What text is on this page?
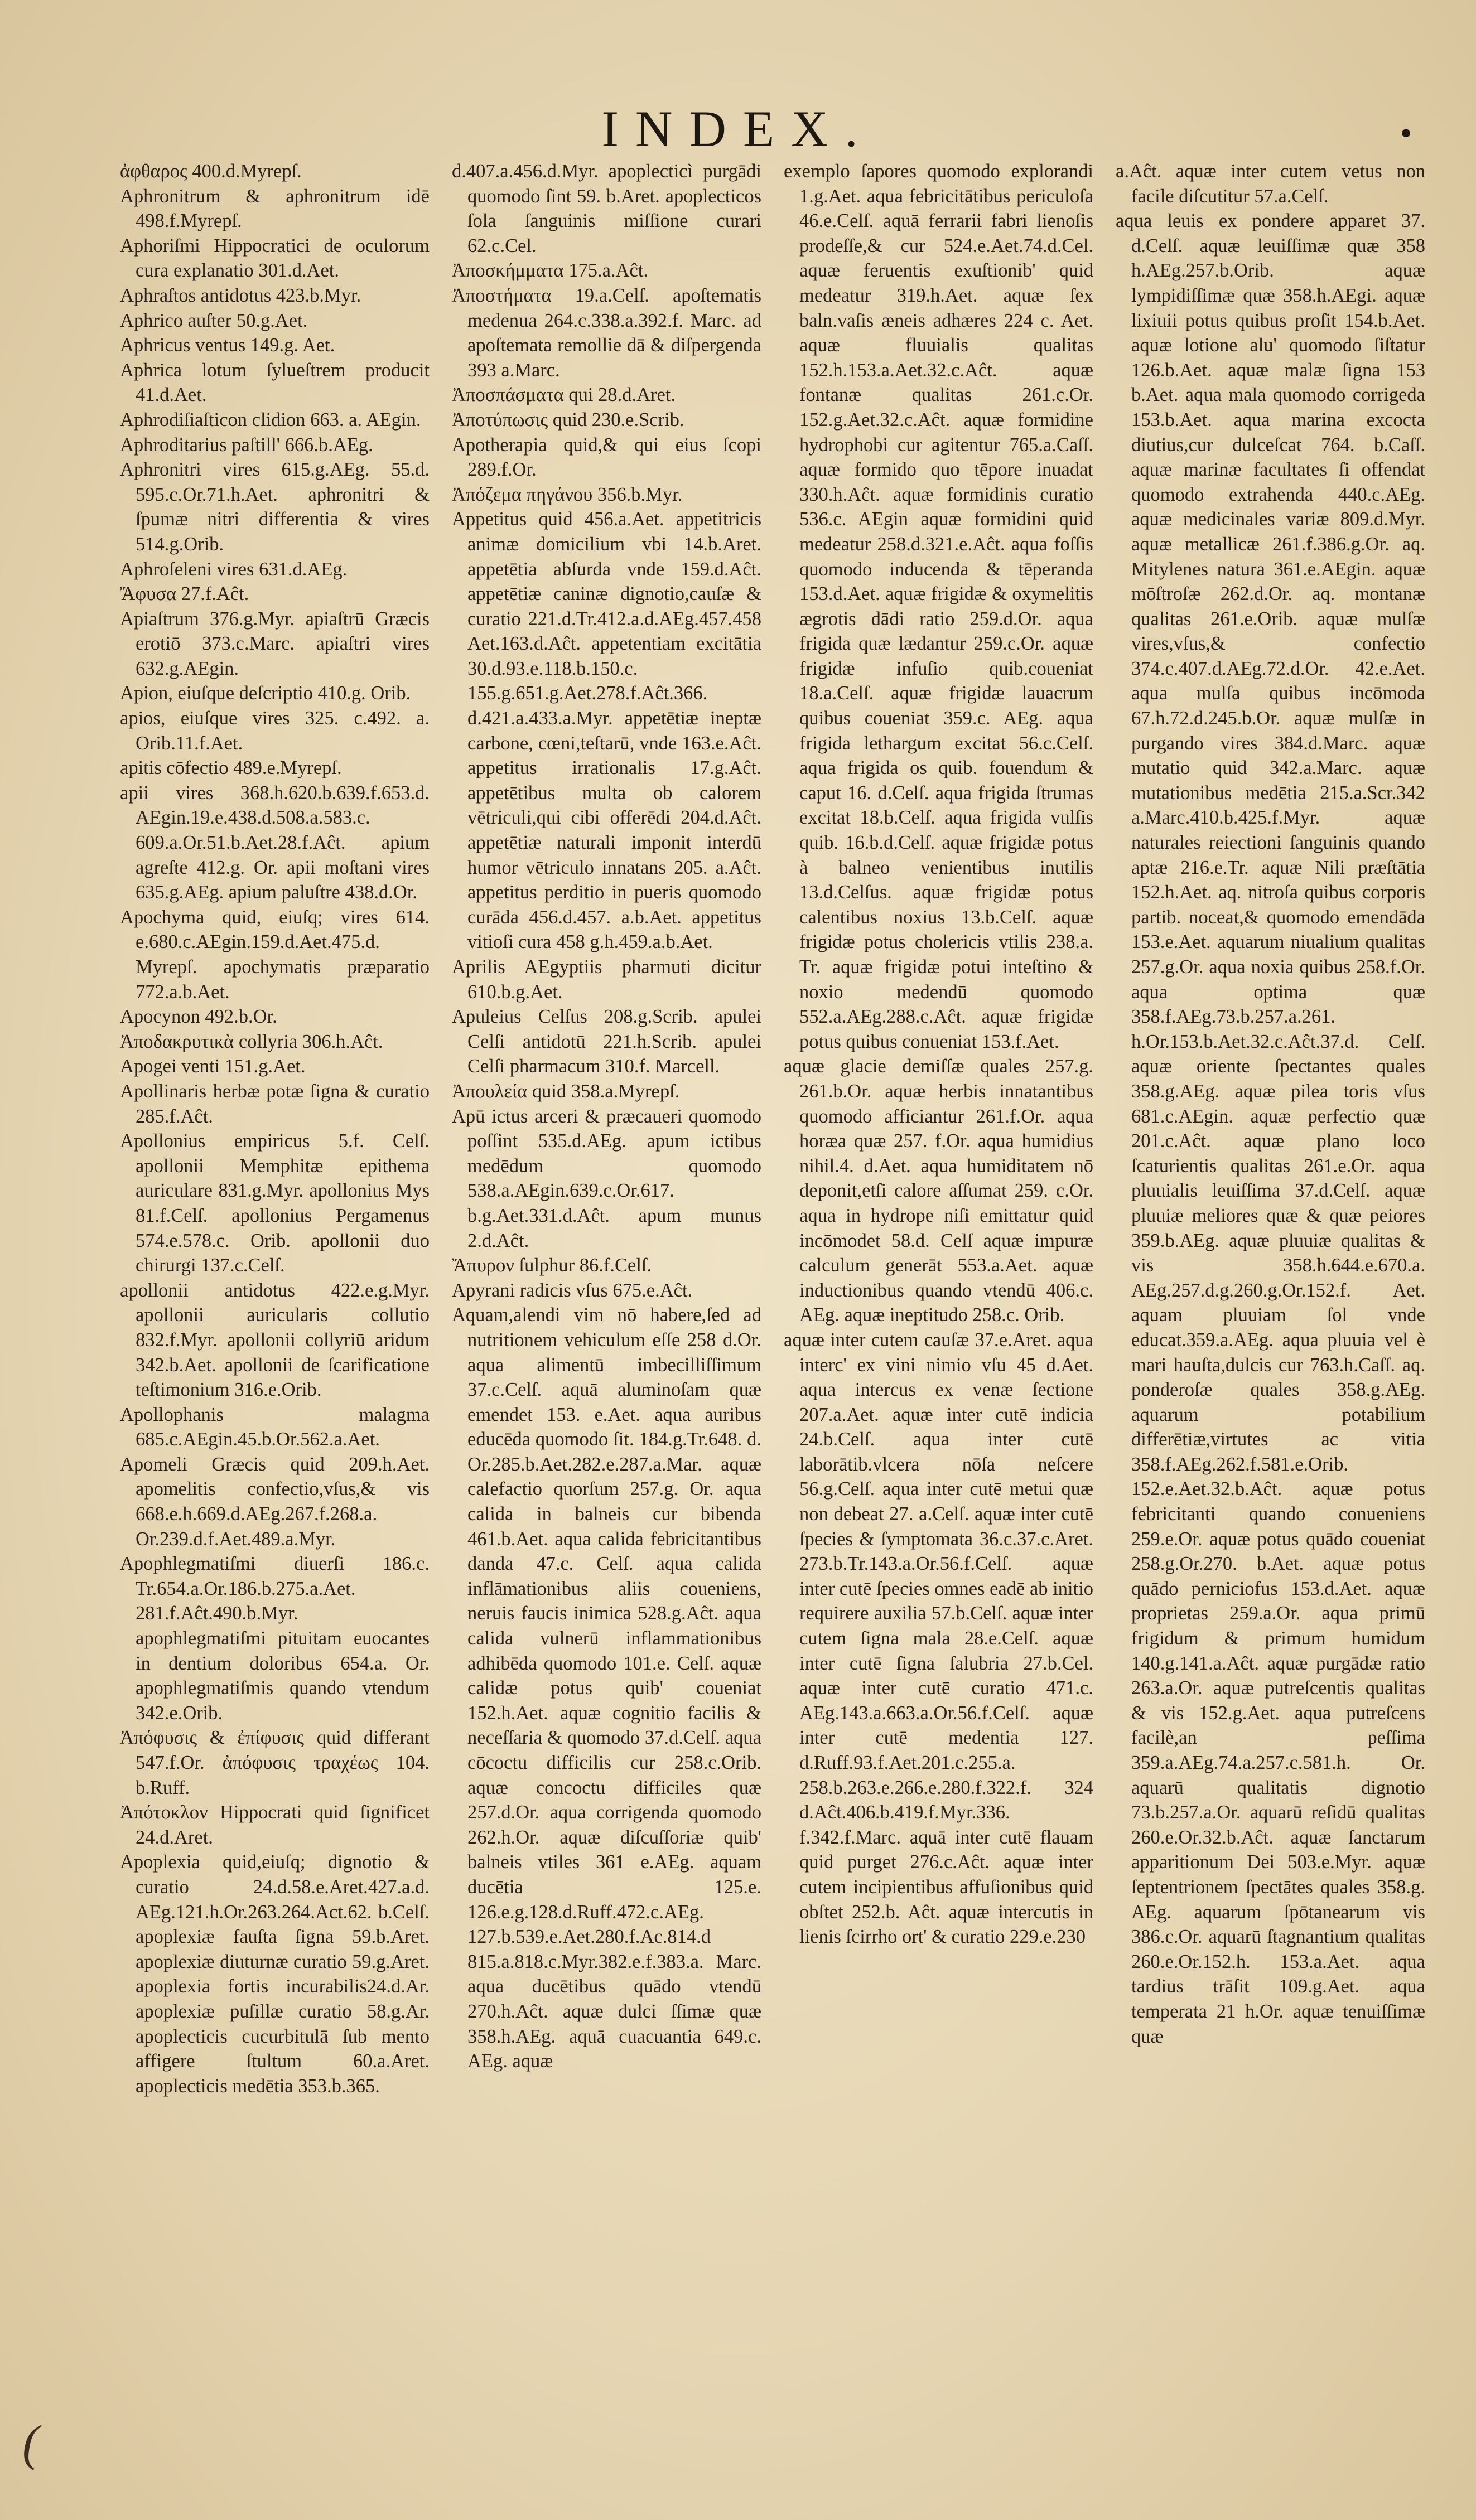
INDEX.	•

ἀφθαρος 400.d.Myrepſ.

Aphronitrum & aphronitrum idē 498.f.Myrepſ.

Aphoriſmi Hippocratici de oculorum cura explanatio 301.d.Aet.

Aphraſtos antidotus 423.b.Myr.

Aphrico auſter 50.g.Aet.

Aphricus ventus 149.g. Aet.

Aphrica lotum ſylueſtrem producit 41.d.Aet.

Aphrodiſiaſticon clidion 663. a. AEgin.

Aphroditarius paſtill' 666.b.AEg.

Aphronitri vires 615.g.AEg. 55.d. 595.c.Or.71.h.Aet. aphronitri & ſpumæ nitri differentia & vires 514.g.Orib.

Aphroſeleni vires 631.d.AEg.

Ἄφυσα 27.f.Aĉt.

Apiaſtrum 376.g.Myr. apiaſtrū Græcis erotiō 373.c.Marc. apiaſtri vires 632.g.AEgin.

Apion, eiuſque deſcriptio 410.g. Orib.

apios, eiuſque vires 325. c.492. a. Orib.11.f.Aet.

apitis cōfectio 489.e.Myrepſ.

apii vires 368.h.620.b.639.f.653.d. AEgin.19.e.438.d.508.a.583.c. 609.a.Or.51.b.Aet.28.f.Aĉt. apium agreſte 412.g. Or. apii moſtani vires 635.g.AEg. apium paluſtre 438.d.Or.

Apochyma quid, eiuſq; vires 614. e.680.c.AEgin.159.d.Aet.475.d. Myrepſ. apochymatis præparatio 772.a.b.Aet.

Apocynon 492.b.Or.

Ἀποδακρυτικὰ collyria 306.h.Aĉt.

Apogei venti 151.g.Aet.

Apollinaris herbæ potæ ſigna & curatio 285.f.Aĉt.

Apollonius empiricus 5.f. Celſ. apollonii Memphitæ epithema auriculare 831.g.Myr. apollonius Mys 81.f.Celſ. apollonius Pergamenus 574.e.578.c. Orib. apollonii duo chirurgi 137.c.Celſ.

apollonii antidotus 422.e.g.Myr. apollonii auricularis collutio 832.f.Myr. apollonii collyriū aridum 342.b.Aet. apollonii de ſcarificatione teſtimonium 316.e.Orib.

Apollophanis malagma 685.c.AEgin.45.b.Or.562.a.Aet.

Apomeli Græcis quid 209.h.Aet. apomelitis confectio,vſus,& vis 668.e.h.669.d.AEg.267.f.268.a. Or.239.d.f.Aet.489.a.Myr.

Apophlegmatiſmi diuerſi 186.c. Tr.654.a.Or.186.b.275.a.Aet. 281.f.Aĉt.490.b.Myr. apophlegmatiſmi pituitam euocantes in dentium doloribus 654.a. Or. apophlegmatiſmis quando vtendum 342.e.Orib.

Ἀπόφυσις & ἐπίφυσις quid differant 547.f.Or. ἀπόφυσις τραχέως 104. b.Ruff.

Ἀπότοκλον Hippocrati quid ſignificet 24.d.Aret.

Apoplexia quid,eiuſq; dignotio & curatio 24.d.58.e.Aret.427.a.d. AEg.121.h.Or.263.264.Act.62. b.Celſ. apoplexiæ fauſta ſigna 59.b.Aret. apoplexiæ diuturnæ curatio 59.g.Aret. apoplexia fortis incurabilis24.d.Ar. apoplexiæ puſillæ curatio 58.g.Ar. apoplecticis cucurbitulā ſub mento affigere ſtultum 60.a.Aret. apoplecticis medētia 353.b.365.

d.407.a.456.d.Myr. apoplecticì purgādi quomodo ſint 59. b.Aret. apoplecticos ſola ſanguinis miſſione curari 62.c.Cel.

Ἀποσκήμματα 175.a.Aĉt.

Ἀποστήματα 19.a.Celſ. apoſtematis medenua 264.c.338.a.392.f. Marc. ad apoſtemata remollie dā & diſpergenda 393 a.Marc.

Ἀποσπάσματα qui 28.d.Aret.

Ἀποτύπωσις quid 230.e.Scrib.

Apotherapia quid,& qui eius ſcopi 289.f.Or.

Ἀπόζεμα πηγάνου 356.b.Myr.

Appetitus quid 456.a.Aet. appetitricis animæ domicilium vbi 14.b.Aret. appetētia abſurda vnde 159.d.Aĉt. appetētiæ caninæ dignotio,cauſæ & curatio 221.d.Tr.412.a.d.AEg.457.458 Aet.163.d.Aĉt. appetentiam excitātia 30.d.93.e.118.b.150.c. 155.g.651.g.Aet.278.f.Aĉt.366. d.421.a.433.a.Myr. appetētiæ ineptæ carbone, cœni,teſtarū, vnde 163.e.Aĉt. appetitus irrationalis 17.g.Aĉt. appetētibus multa ob calorem vētriculi,qui cibi offerēdi 204.d.Aĉt. appetētiæ naturali imponit interdū humor vētriculo innatans 205. a.Aĉt. appetitus perditio in pueris quomodo curāda 456.d.457. a.b.Aet. appetitus vitioſi cura 458 g.h.459.a.b.Aet.

Aprilis AEgyptiis pharmuti dicitur 610.b.g.Aet.

Apuleius Celſus 208.g.Scrib. apulei Celſi antidotū 221.h.Scrib. apulei Celſi pharmacum 310.f. Marcell.

Ἀπουλεία quid 358.a.Myrepſ.

Apū ictus arceri & præcaueri quomodo poſſint 535.d.AEg. apum ictibus medēdum quomodo 538.a.AEgin.639.c.Or.617. b.g.Aet.331.d.Aĉt. apum munus 2.d.Aĉt.

Ἄπυρον ſulphur 86.f.Celſ.

Apyrani radicis vſus 675.e.Aĉt.

Aquam,alendi vim nō habere,ſed ad nutritionem vehiculum eſſe 258 d.Or. aqua alimentū imbecilliſſimum 37.c.Celſ. aquā aluminoſam quæ emendet 153. e.Aet. aqua auribus educēda quomodo ſit. 184.g.Tr.648. d. Or.285.b.Aet.282.e.287.a.Mar. aquæ calefactio quorſum 257.g. Or. aqua calida in balneis cur bibenda 461.b.Aet. aqua calida febricitantibus danda 47.c. Celſ. aqua calida inflāmationibus aliis coueniens, neruis faucis inimica 528.g.Aĉt. aqua calida vulnerū inflammationibus adhibēda quomodo 101.e. Celſ. aquæ calidæ potus quib' coueniat 152.h.Aet. aquæ cognitio facilis & neceſſaria & quomodo 37.d.Celſ. aqua cōcoctu difficilis cur 258.c.Orib. aquæ concoctu difficiles quæ 257.d.Or. aqua corrigenda quomodo 262.h.Or. aquæ diſcuſſoriæ quib' balneis vtiles 361 e.AEg. aquam ducētia 125.e. 126.e.g.128.d.Ruff.472.c.AEg. 127.b.539.e.Aet.280.f.Ac.814.d 815.a.818.c.Myr.382.e.f.383.a. Marc. aqua ducētibus quādo vtendū 270.h.Aĉt. aquæ dulci ſſimæ quæ 358.h.AEg. aquā cuacuantia 649.c. AEg. aquæ

exemplo ſapores quomodo explorandi 1.g.Aet. aqua febricitātibus periculoſa 46.e.Celſ. aquā ferrarii fabri lienoſis prodeſſe,& cur 524.e.Aet.74.d.Cel. aquæ feruentis exuſtionib' quid medeatur 319.h.Aet. aquæ ſex baln.vaſis æneis adhæres 224 c. Aet. aquæ fluuialis qualitas 152.h.153.a.Aet.32.c.Aĉt. aquæ fontanæ qualitas 261.c.Or. 152.g.Aet.32.c.Aĉt. aquæ formidine hydrophobi cur agitentur 765.a.Caſſ. aquæ formido quo tēpore inuadat 330.h.Aĉt. aquæ formidinis curatio 536.c. AEgin aquæ formidini quid medeatur 258.d.321.e.Aĉt. aqua foſſis quomodo inducenda & tēperanda 153.d.Aet. aquæ frigidæ & oxymelitis ægrotis dādi ratio 259.d.Or. aqua frigida quæ lædantur 259.c.Or. aquæ frigidæ infuſio quib.coueniat 18.a.Celſ. aquæ frigidæ lauacrum quibus coueniat 359.c. AEg. aqua frigida lethargum excitat 56.c.Celſ. aqua frigida os quib. fouendum & caput 16. d.Celſ. aqua frigida ſtrumas excitat 18.b.Celſ. aqua frigida vulſis quib. 16.b.d.Celſ. aquæ frigidæ potus à balneo venientibus inutilis 13.d.Celſus. aquæ frigidæ potus calentibus noxius 13.b.Celſ. aquæ frigidæ potus cholericis vtilis 238.a. Tr. aquæ frigidæ potui inteſtino & noxio medendū quomodo 552.a.AEg.288.c.Aĉt. aquæ frigidæ potus quibus conueniat 153.f.Aet.

aquæ glacie demiſſæ quales 257.g. 261.b.Or. aquæ herbis innatantibus quomodo afficiantur 261.f.Or. aqua horæa quæ 257. f.Or. aqua humidius nihil.4. d.Aet. aqua humiditatem nō deponit,etſi calore aſſumat 259. c.Or. aqua in hydrope niſi emittatur quid incōmodet 58.d. Celſ aquæ impuræ calculum generāt 553.a.Aet. aquæ inductionibus quando vtendū 406.c. AEg. aquæ ineptitudo 258.c. Orib.

aquæ inter cutem cauſæ 37.e.Aret. aqua interc' ex vini nimio vſu 45 d.Aet. aqua intercus ex venæ ſectione 207.a.Aet. aquæ inter cutē indicia 24.b.Celſ. aqua inter cutē laborātib.vlcera nōſa neſcere 56.g.Celſ. aqua inter cutē metui quæ non debeat 27. a.Celſ. aquæ inter cutē ſpecies & ſymptomata 36.c.37.c.Aret. 273.b.Tr.143.a.Or.56.f.Celſ. aquæ inter cutē ſpecies omnes eadē ab initio requirere auxilia 57.b.Celſ. aquæ inter cutem ſigna mala 28.e.Celſ. aquæ inter cutē ſigna ſalubria 27.b.Cel. aquæ inter cutē curatio 471.c. AEg.143.a.663.a.Or.56.f.Celſ. aquæ inter cutē medentia 127. d.Ruff.93.f.Aet.201.c.255.a. 258.b.263.e.266.e.280.f.322.f. 324 d.Aĉt.406.b.419.f.Myr.336. f.342.f.Marc. aquā inter cutē flauam quid purget 276.c.Aĉt. aquæ inter cutem incipientibus affuſionibus quid obſtet 252.b. Aĉt. aquæ intercutis in lienis ſcirrho ort' & curatio 229.e.230

a.Aĉt. aquæ inter cutem vetus non facile diſcutitur 57.a.Celſ.

aqua leuis ex pondere apparet 37. d.Celſ. aquæ leuiſſimæ quæ 358 h.AEg.257.b.Orib. aquæ lympidiſſimæ quæ 358.h.AEgi. aquæ lixiuii potus quibus proſit 154.b.Aet. aquæ lotione alu' quomodo ſiſtatur 126.b.Aet. aquæ malæ ſigna 153 b.Aet. aqua mala quomodo corrigeda 153.b.Aet. aqua marina excocta diutius,cur dulceſcat 764. b.Caſſ. aquæ marinæ facultates ſi offendat quomodo extrahenda 440.c.AEg. aquæ medicinales variæ 809.d.Myr. aquæ metallicæ 261.f.386.g.Or. aq. Mitylenes natura 361.e.AEgin. aquæ mōſtroſæ 262.d.Or. aq. montanæ qualitas 261.e.Orib. aquæ mulſæ vires,vſus,& confectio 374.c.407.d.AEg.72.d.Or. 42.e.Aet. aqua mulſa quibus incōmoda 67.h.72.d.245.b.Or. aquæ mulſæ in purgando vires 384.d.Marc. aquæ mutatio quid 342.a.Marc. aquæ mutationibus medētia 215.a.Scr.342 a.Marc.410.b.425.f.Myr. aquæ naturales reiectioni ſanguinis quando aptæ 216.e.Tr. aquæ Nili præſtātia 152.h.Aet. aq. nitroſa quibus corporis partib. noceat,& quomodo emendāda 153.e.Aet. aquarum niualium qualitas 257.g.Or. aqua noxia quibus 258.f.Or. aqua optima quæ 358.f.AEg.73.b.257.a.261. h.Or.153.b.Aet.32.c.Aĉt.37.d. Celſ. aquæ oriente ſpectantes quales 358.g.AEg. aquæ pilea toris vſus 681.c.AEgin. aquæ perfectio quæ 201.c.Aĉt. aquæ plano loco ſcaturientis qualitas 261.e.Or. aqua pluuialis leuiſſima 37.d.Celſ. aquæ pluuiæ meliores quæ & quæ peiores 359.b.AEg. aquæ pluuiæ qualitas & vis 358.h.644.e.670.a. AEg.257.d.g.260.g.Or.152.f. Aet. aquam pluuiam ſol vnde educat.359.a.AEg. aqua pluuia vel è mari hauſta,dulcis cur 763.h.Caſſ. aq. ponderoſæ quales 358.g.AEg. aquarum potabilium differētiæ,virtutes ac vitia 358.f.AEg.262.f.581.e.Orib. 152.e.Aet.32.b.Aĉt. aquæ potus febricitanti quando conueniens 259.e.Or. aquæ potus quādo coueniat 258.g.Or.270. b.Aet. aquæ potus quādo perniciofus 153.d.Aet. aquæ proprietas 259.a.Or. aqua primū frigidum & primum humidum 140.g.141.a.Aĉt. aquæ purgādæ ratio 263.a.Or. aquæ putreſcentis qualitas & vis 152.g.Aet. aqua putreſcens facilè,an peſſima 359.a.AEg.74.a.257.c.581.h. Or. aquarū qualitatis dignotio 73.b.257.a.Or. aquarū reſidū qualitas 260.e.Or.32.b.Aĉt. aquæ ſanctarum apparitionum Dei 503.e.Myr. aquæ ſeptentrionem ſpectātes quales 358.g. AEg. aquarum ſpōtanearum vis 386.c.Or. aquarū ſtagnantium qualitas 260.e.Or.152.h. 153.a.Aet. aqua tardius trāſit 109.g.Aet. aqua temperata 21 h.Or. aquæ tenuiſſimæ quæ

(
